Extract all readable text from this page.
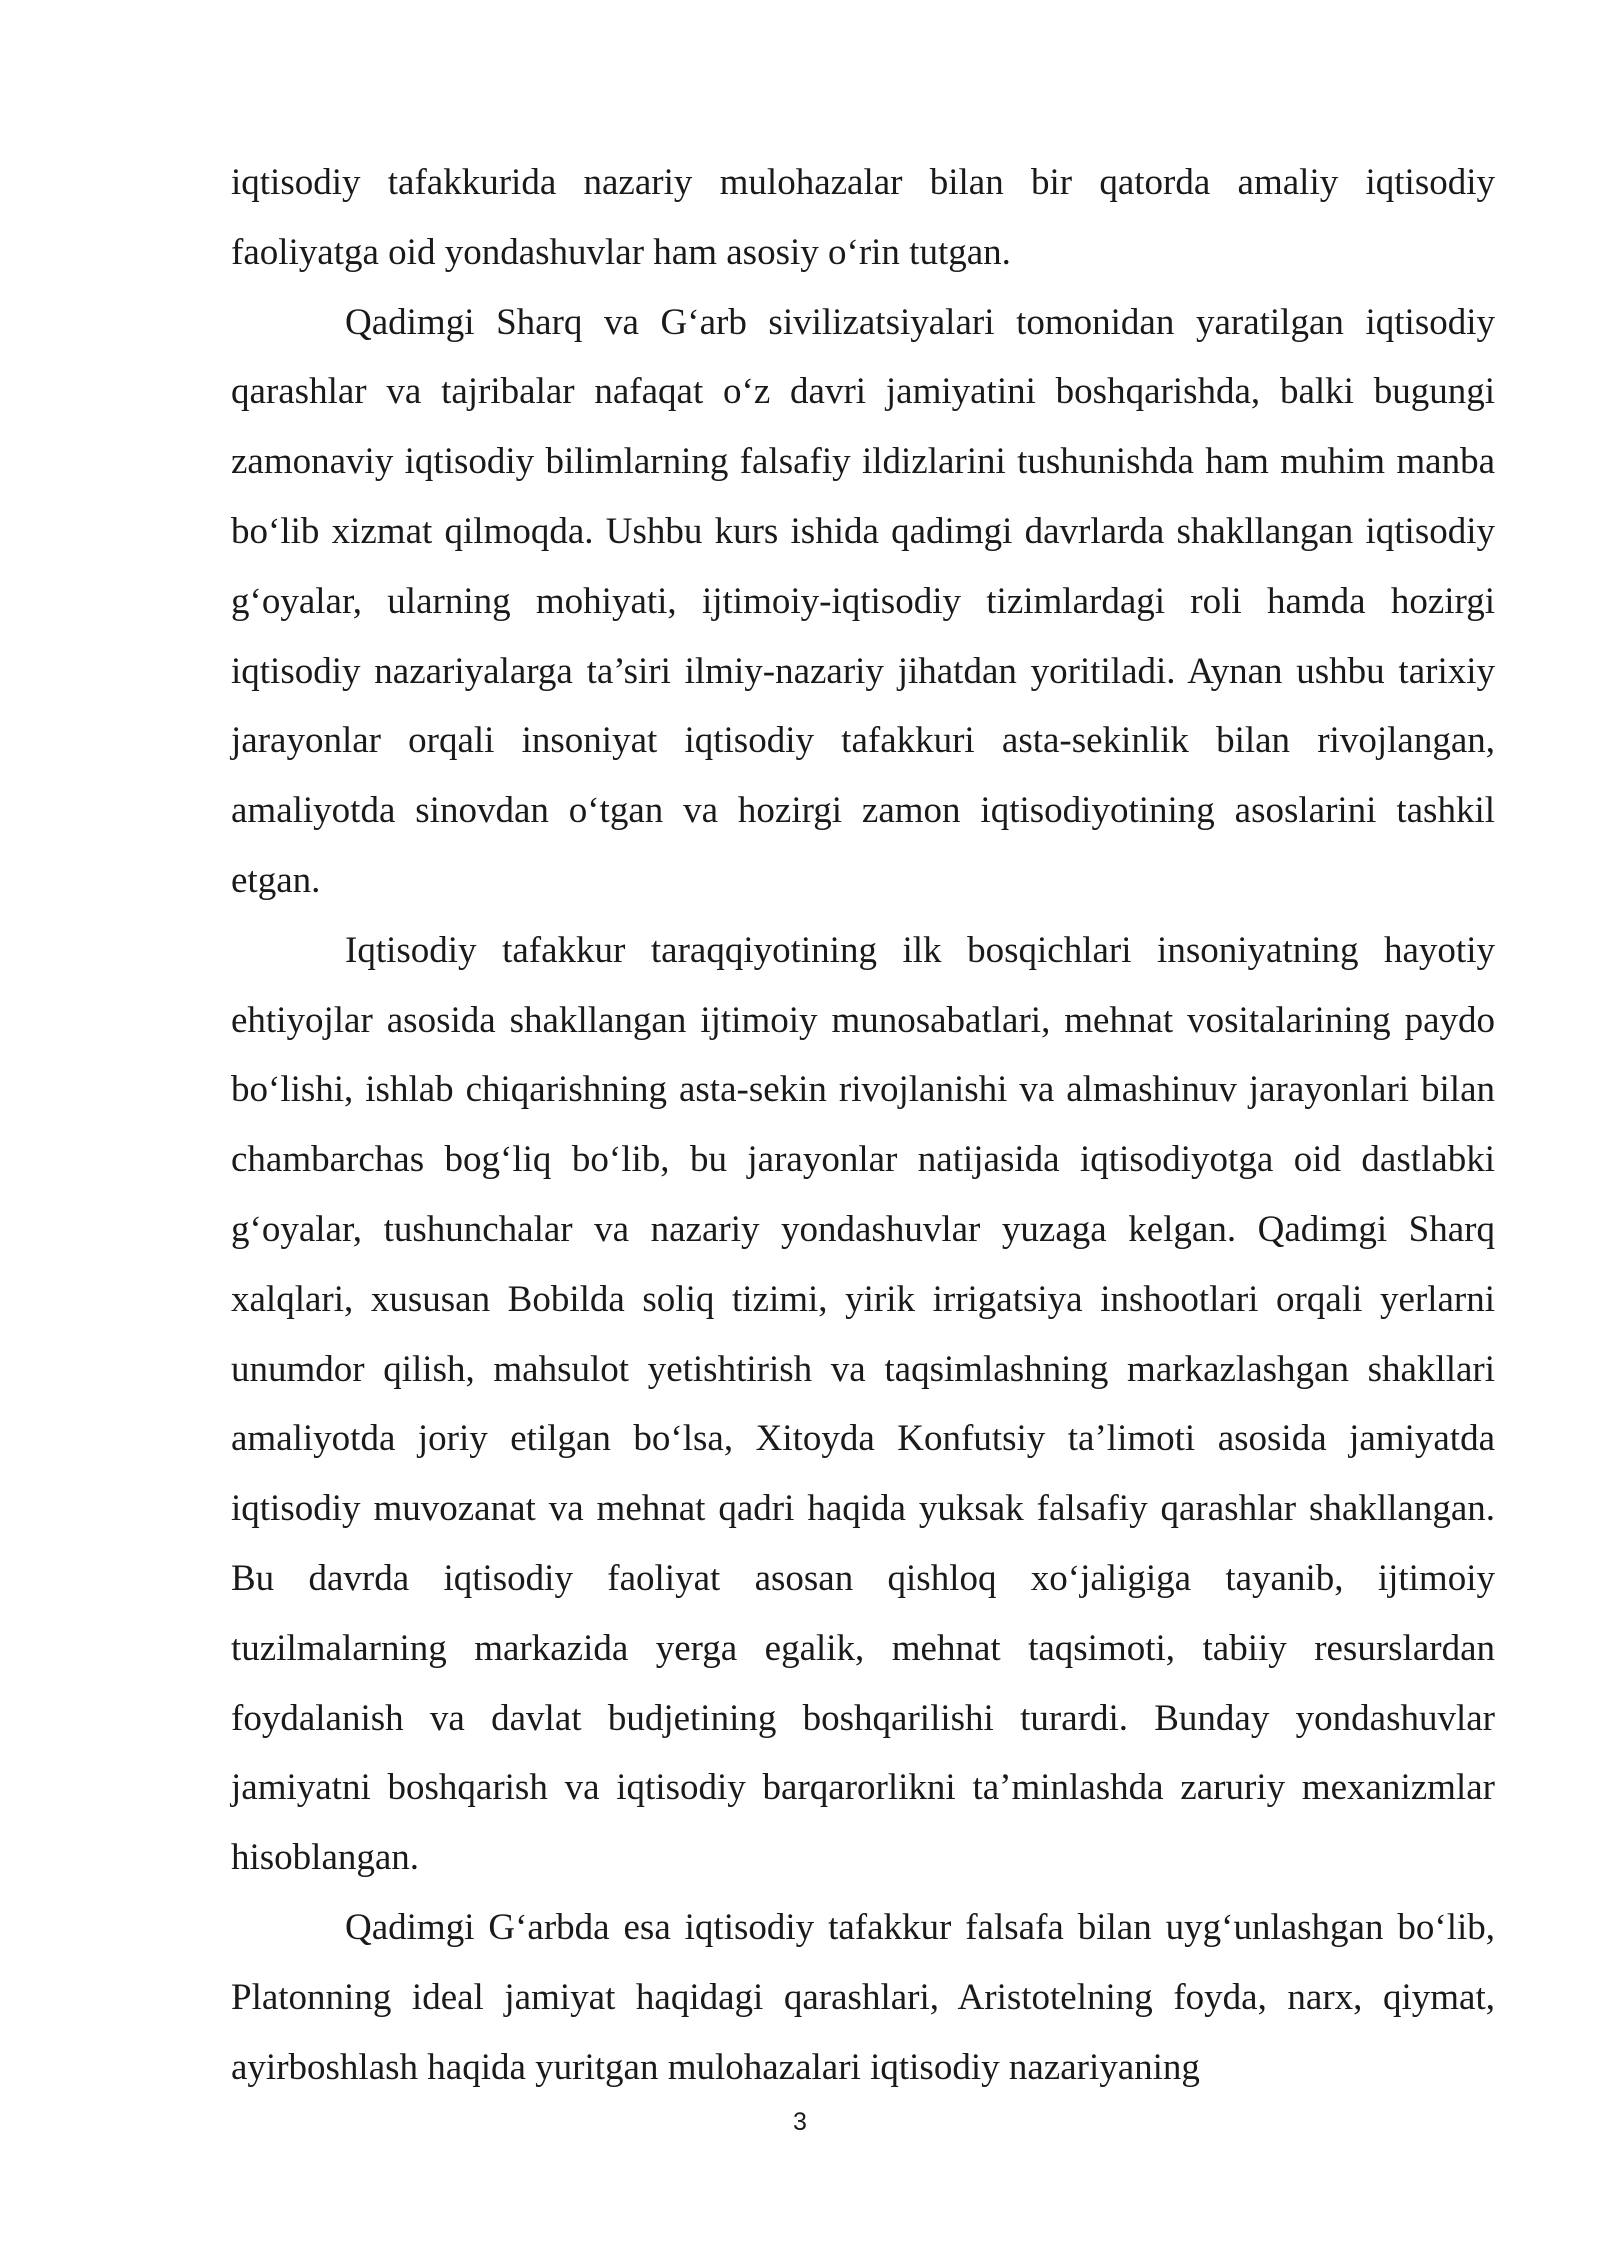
iqtisodiy tafakkurida nazariy mulohazalar bilan bir qatorda amaliy iqtisodiy faoliyatga oid yondashuvlar ham asosiy o‘rin tutgan.

Qadimgi Sharq va G‘arb sivilizatsiyalari tomonidan yaratilgan iqtisodiy qarashlar va tajribalar nafaqat o‘z davri jamiyatini boshqarishda, balki bugungi zamonaviy iqtisodiy bilimlarning falsafiy ildizlarini tushunishda ham muhim manba bo‘lib xizmat qilmoqda. Ushbu kurs ishida qadimgi davrlarda shakllangan iqtisodiy g‘oyalar, ularning mohiyati, ijtimoiy-iqtisodiy tizimlardagi roli hamda hozirgi iqtisodiy nazariyalarga ta’siri ilmiy-nazariy jihatdan yoritiladi. Aynan ushbu tarixiy jarayonlar orqali insoniyat iqtisodiy tafakkuri asta-sekinlik bilan rivojlangan, amaliyotda sinovdan o‘tgan va hozirgi zamon iqtisodiyotining asoslarini tashkil etgan.

Iqtisodiy tafakkur taraqqiyotining ilk bosqichlari insoniyatning hayotiy ehtiyojlar asosida shakllangan ijtimoiy munosabatlari, mehnat vositalarining paydo bo‘lishi, ishlab chiqarishning asta-sekin rivojlanishi va almashinuv jarayonlari bilan chambarchas bog‘liq bo‘lib, bu jarayonlar natijasida iqtisodiyotga oid dastlabki g‘oyalar, tushunchalar va nazariy yondashuvlar yuzaga kelgan. Qadimgi Sharq xalqlari, xususan Bobilda soliq tizimi, yirik irrigatsiya inshootlari orqali yerlarni unumdor qilish, mahsulot yetishtirish va taqsimlashning markazlashgan shakllari amaliyotda joriy etilgan bo‘lsa, Xitoyda Konfutsiy ta’limoti asosida jamiyatda iqtisodiy muvozanat va mehnat qadri haqida yuksak falsafiy qarashlar shakllangan. Bu davrda iqtisodiy faoliyat asosan qishloq xo‘jaligiga tayanib, ijtimoiy tuzilmalarning markazida yerga egalik, mehnat taqsimoti, tabiiy resurslardan foydalanish va davlat budjetining boshqarilishi turardi. Bunday yondashuvlar jamiyatni boshqarish va iqtisodiy barqarorlikni ta’minlashda zaruriy mexanizmlar hisoblangan.

Qadimgi G‘arbda esa iqtisodiy tafakkur falsafa bilan uyg‘unlashgan bo‘lib, Platonning ideal jamiyat haqidagi qarashlari, Aristotelning foyda, narx, qiymat, ayirboshlash haqida yuritgan mulohazalari iqtisodiy nazariyaning

3
